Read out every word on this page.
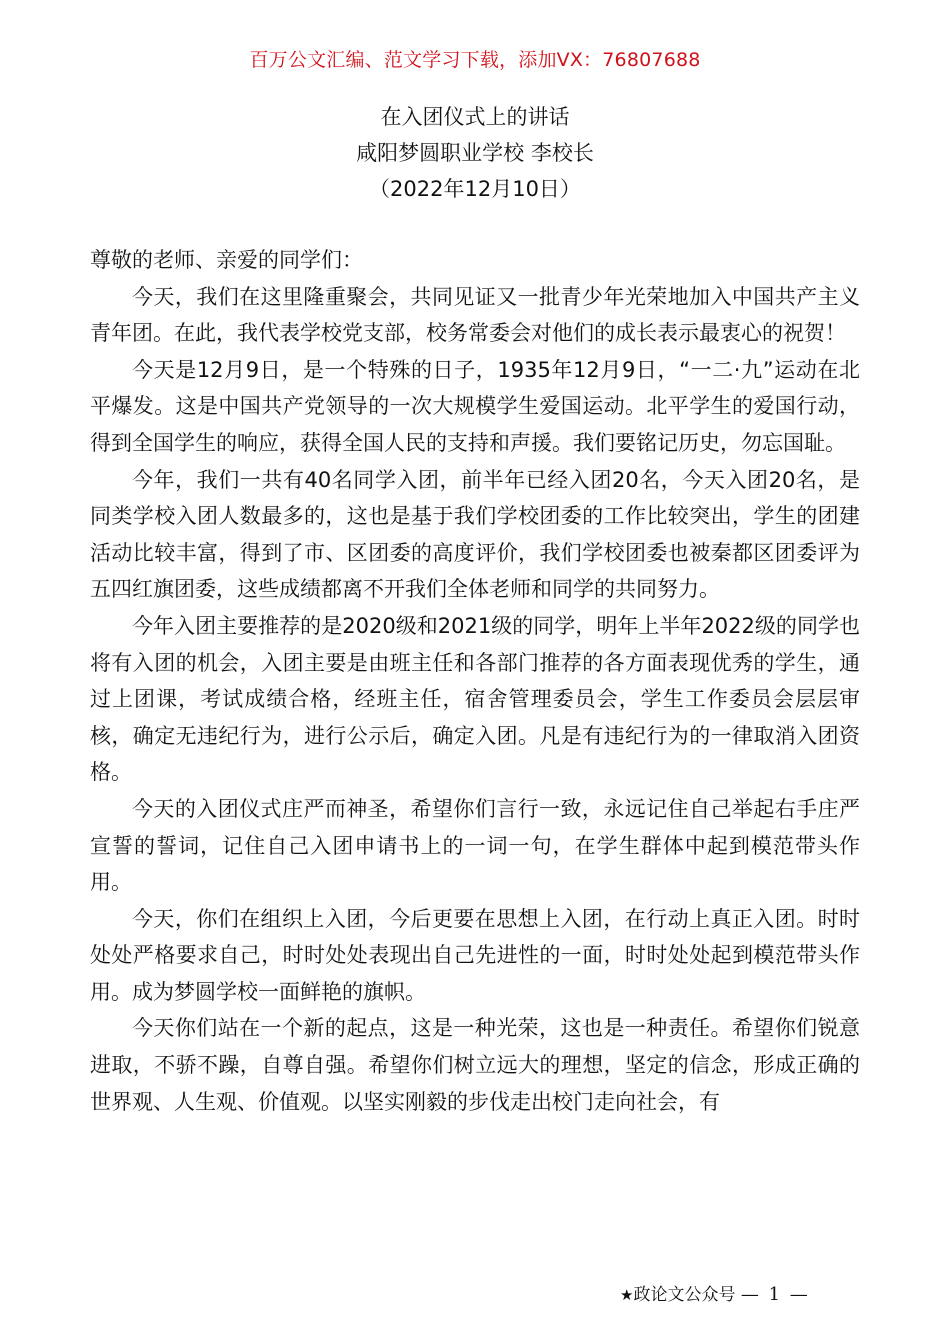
百万公文汇编、范文学习下载，添加VX：76807688
在入团仪式上的讲话
咸阳梦圆职业学校 李校长
（2022年12月10日）

尊敬的老师、亲爱的同学们：

今天，我们在这里隆重聚会，共同见证又一批青少年光荣地加入中国共产主义青年团。在此，我代表学校党支部，校务常委会对他们的成长表示最衷心的祝贺！

今天是12月9日，是一个特殊的日子，1935年12月9日，“一二·九”运动在北平爆发。这是中国共产党领导的一次大规模学生爱国运动。北平学生的爱国行动，得到全国学生的响应，获得全国人民的支持和声援。我们要铭记历史，勿忘国耻。

今年，我们一共有40名同学入团，前半年已经入团20名，今天入团20名，是同类学校入团人数最多的，这也是基于我们学校团委的工作比较突出，学生的团建活动比较丰富，得到了市、区团委的高度评价，我们学校团委也被秦都区团委评为五四红旗团委，这些成绩都离不开我们全体老师和同学的共同努力。

今年入团主要推荐的是2020级和2021级的同学，明年上半年2022级的同学也将有入团的机会，入团主要是由班主任和各部门推荐的各方面表现优秀的学生，通过上团课，考试成绩合格，经班主任，宿舍管理委员会，学生工作委员会层层审核，确定无违纪行为，进行公示后，确定入团。凡是有违纪行为的一律取消入团资格。

今天的入团仪式庄严而神圣，希望你们言行一致，永远记住自己举起右手庄严宣誓的誓词，记住自己入团申请书上的一词一句，在学生群体中起到模范带头作用。

今天，你们在组织上入团，今后更要在思想上入团，在行动上真正入团。时时处处严格要求自己，时时处处表现出自己先进性的一面，时时处处起到模范带头作用。成为梦圆学校一面鲜艳的旗帜。

今天你们站在一个新的起点，这是一种光荣，这也是一种责任。希望你们锐意进取，不骄不躁，自尊自强。希望你们树立远大的理想，坚定的信念，形成正确的世界观、人生观、价值观。以坚实刚毅的步伐走出校门走向社会，有

★政论文公众号 — 1 —
